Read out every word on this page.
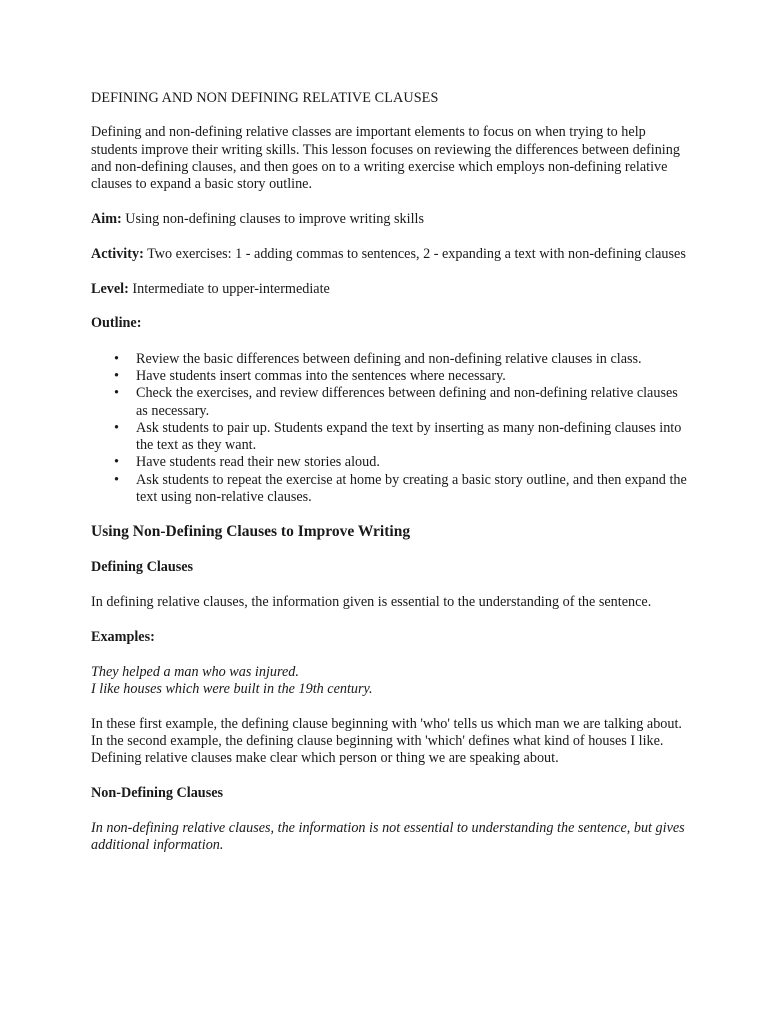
DEFINING AND NON DEFINING RELATIVE CLAUSES

Defining and non-defining relative classes are important elements to focus on when trying to help students improve their writing skills. This lesson focuses on reviewing the differences between defining and non-defining clauses, and then goes on to a writing exercise which employs non-defining relative clauses to expand a basic story outline.

Aim: Using non-defining clauses to improve writing skills

Activity: Two exercises: 1 - adding commas to sentences, 2 - expanding a text with non-defining clauses

Level: Intermediate to upper-intermediate

Outline:

• Review the basic differences between defining and non-defining relative clauses in class.
• Have students insert commas into the sentences where necessary.
• Check the exercises, and review differences between defining and non-defining relative clauses as necessary.
• Ask students to pair up. Students expand the text by inserting as many non-defining clauses into the text as they want.
• Have students read their new stories aloud.
• Ask students to repeat the exercise at home by creating a basic story outline, and then expand the text using non-relative clauses.
Using Non-Defining Clauses to Improve Writing
Defining Clauses

In defining relative clauses, the information given is essential to the understanding of the sentence.

Examples:
They helped a man who was injured.
I like houses which were built in the 19th century.

In these first example, the defining clause beginning with 'who' tells us which man we are talking about. In the second example, the defining clause beginning with 'which' defines what kind of houses I like. Defining relative clauses make clear which person or thing we are speaking about.

Non-Defining Clauses

In non-defining relative clauses, the information is not essential to understanding the sentence, but gives additional information.
